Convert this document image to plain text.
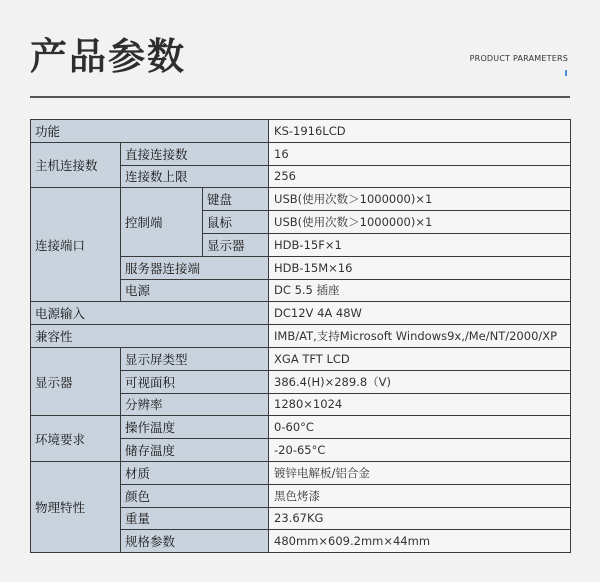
产品参数	PRODUCT PARAMETERS
功能			KS-1916LCD
主机连接数	直接连接数		16
	连接数上限		256
连接端口	控制端	键盘	USB(使用次数＞1000000)×1
		鼠标	USB(使用次数＞1000000)×1
		显示器	HDB-15F×1
	服务器连接端		HDB-15M×16
	电源		DC 5.5 插座
电源输入			DC12V 4A 48W
兼容性			IMB/AT,支持Microsoft Windows9x,/Me/NT/2000/XP
显示器	显示屏类型		XGA TFT LCD
	可视面积		386.4(H)×289.8（V)
	分辨率		1280×1024
环境要求	操作温度		0-60°C
	储存温度		-20-65°C
物理特性	材质		镀锌电解板/铝合金
	颜色		黑色烤漆
	重量		23.67KG
	规格参数		480mm×609.2mm×44mm
